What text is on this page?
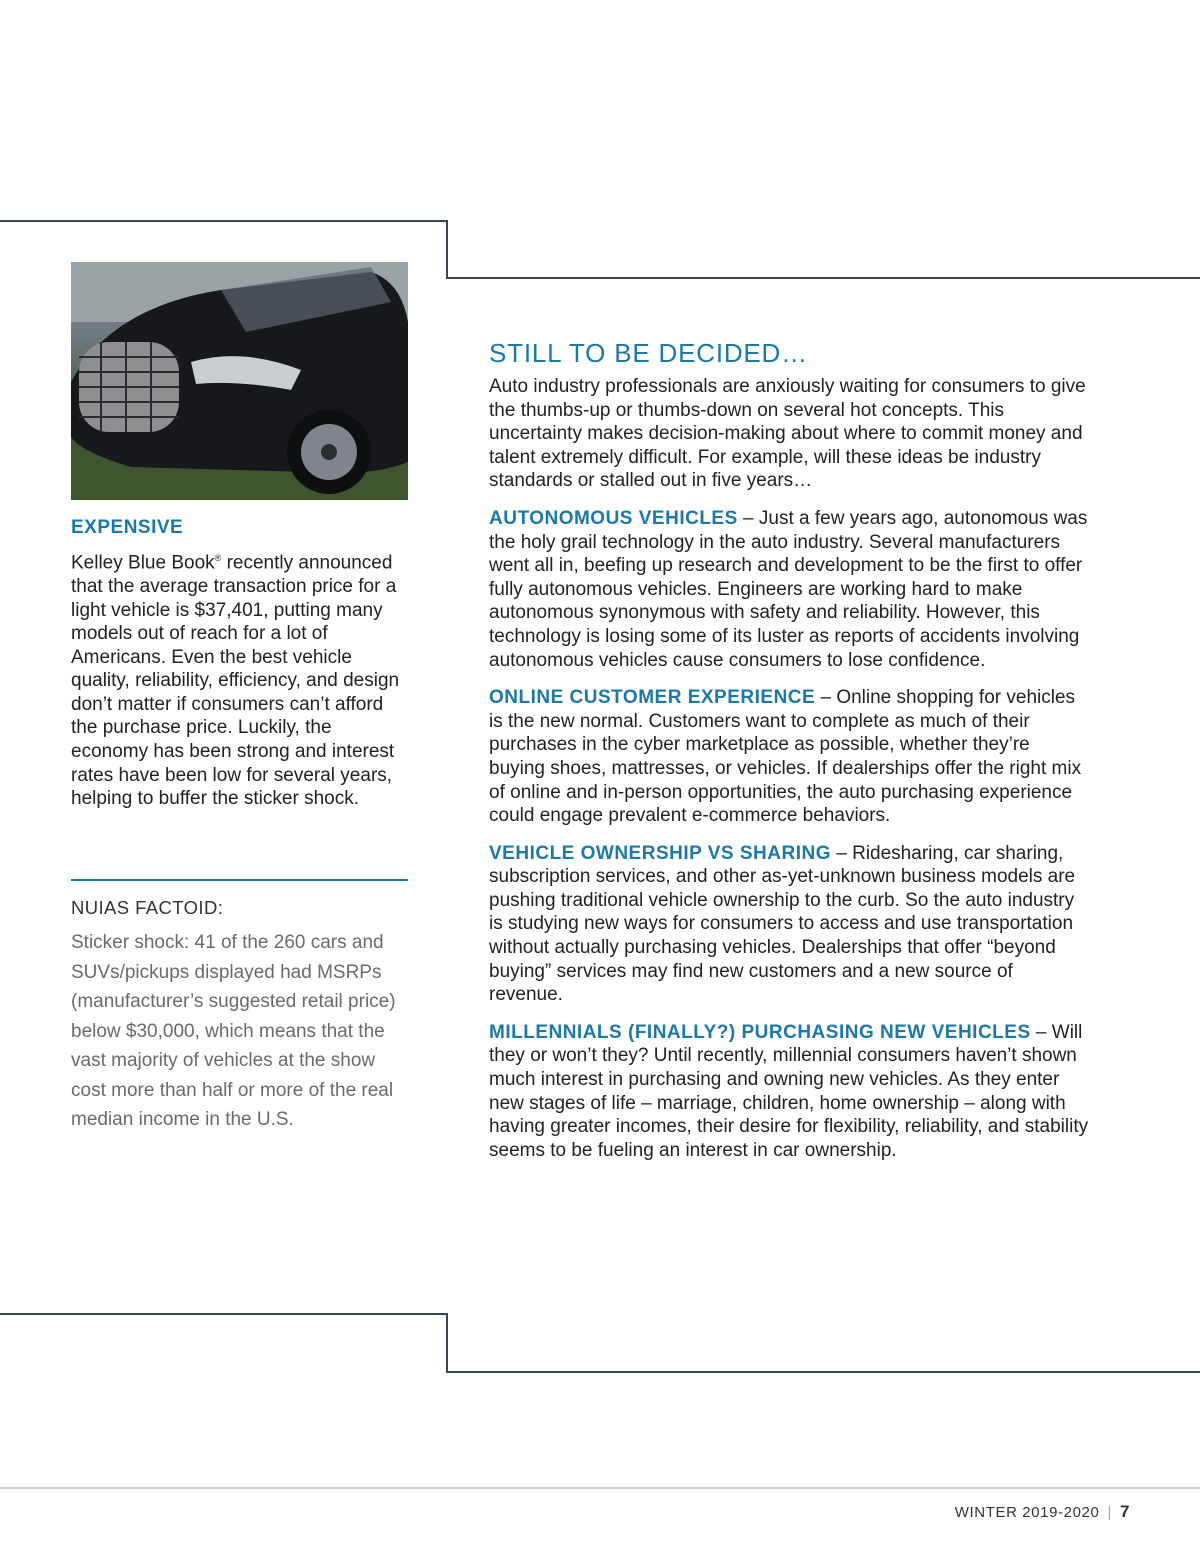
EXPENSIVE
Kelley Blue Book® recently announced that the average transaction price for a light vehicle is $37,401, putting many models out of reach for a lot of Americans. Even the best vehicle quality, reliability, efficiency, and design don’t matter if consumers can’t afford the purchase price. Luckily, the economy has been strong and interest rates have been low for several years, helping to buffer the sticker shock.
NUIAS FACTOID:
Sticker shock: 41 of the 260 cars and SUVs/pickups displayed had MSRPs (manufacturer’s suggested retail price) below $30,000, which means that the vast majority of vehicles at the show cost more than half or more of the real median income in the U.S.
STILL TO BE DECIDED…

Auto industry professionals are anxiously waiting for consumers to give the thumbs-up or thumbs-down on several hot concepts. This uncertainty makes decision-making about where to commit money and talent extremely difficult. For example, will these ideas be industry standards or stalled out in five years…

AUTONOMOUS VEHICLES – Just a few years ago, autonomous was the holy grail technology in the auto industry. Several manufacturers went all in, beefing up research and development to be the first to offer fully autonomous vehicles. Engineers are working hard to make autonomous synonymous with safety and reliability. However, this technology is losing some of its luster as reports of accidents involving autonomous vehicles cause consumers to lose confidence.

ONLINE CUSTOMER EXPERIENCE – Online shopping for vehicles is the new normal. Customers want to complete as much of their purchases in the cyber marketplace as possible, whether they’re buying shoes, mattresses, or vehicles. If dealerships offer the right mix of online and in-person opportunities, the auto purchasing experience could engage prevalent e-commerce behaviors.

VEHICLE OWNERSHIP VS SHARING – Ridesharing, car sharing, subscription services, and other as-yet-unknown business models are pushing traditional vehicle ownership to the curb. So the auto industry is studying new ways for consumers to access and use transportation without actually purchasing vehicles. Dealerships that offer “beyond buying” services may find new customers and a new source of revenue.

MILLENNIALS (FINALLY?) PURCHASING NEW VEHICLES – Will they or won’t they? Until recently, millennial consumers haven’t shown much interest in purchasing and owning new vehicles. As they enter new stages of life – marriage, children, home ownership – along with having greater incomes, their desire for flexibility, reliability, and stability seems to be fueling an interest in car ownership.

WINTER 2019-2020 | 7
